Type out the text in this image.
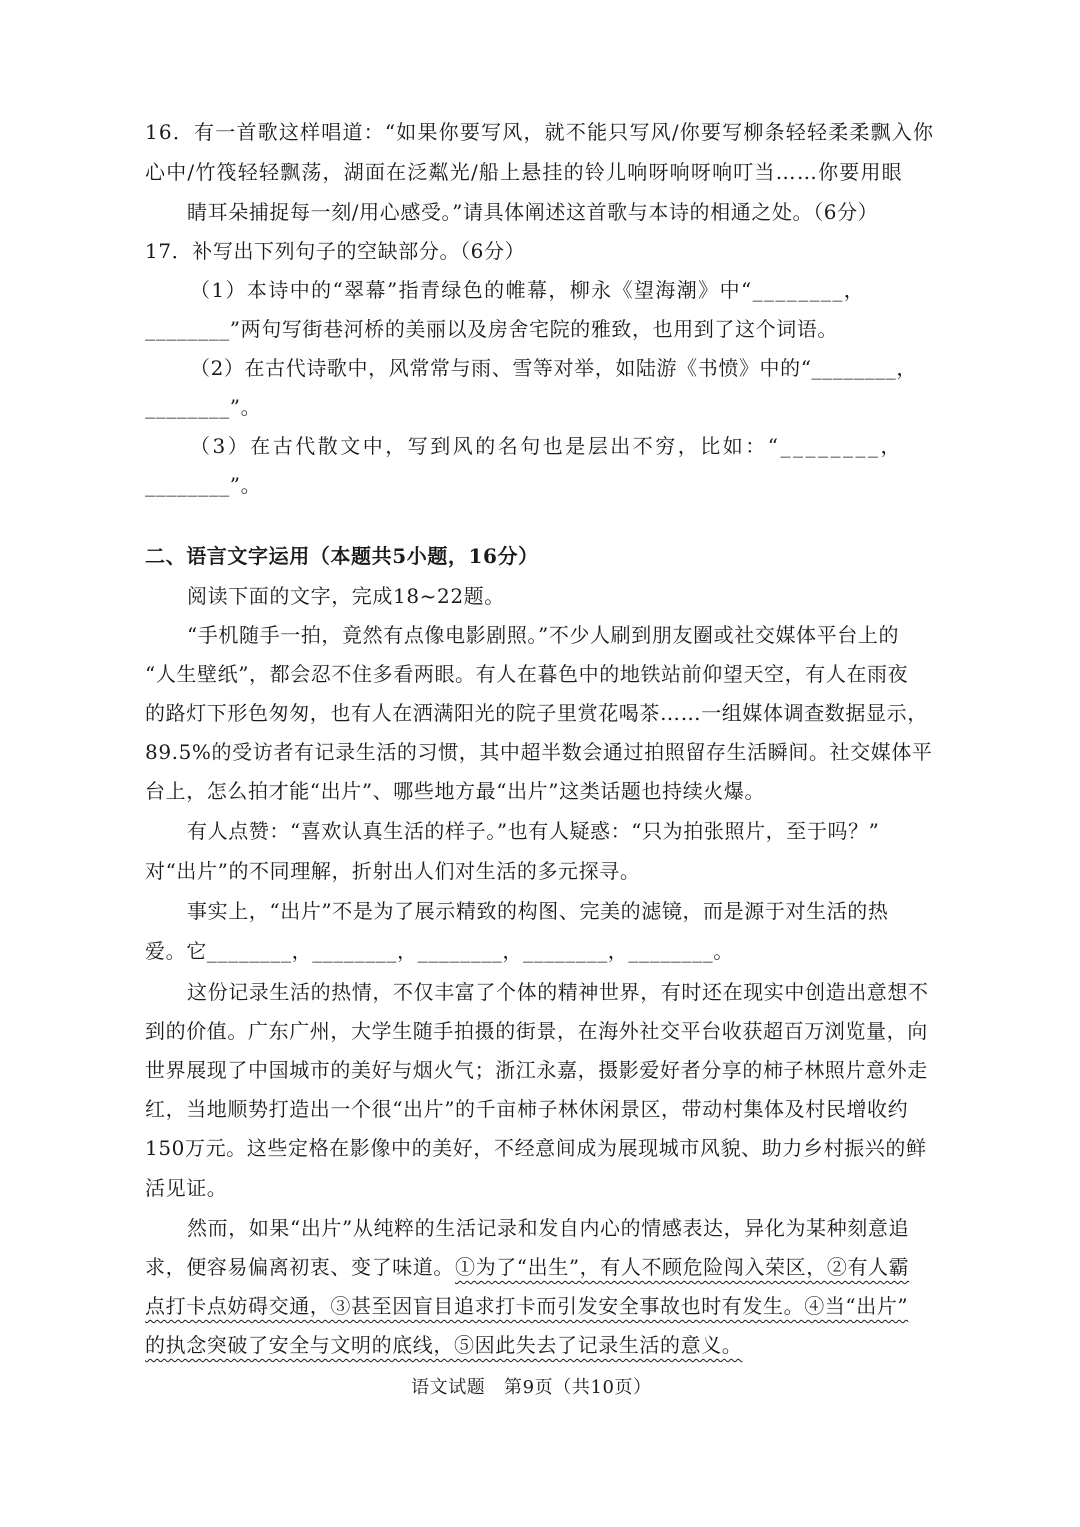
16．有一首歌这样唱道：“如果你要写风，就不能只写风/你要写柳条轻轻柔柔飘入你
心中/竹筏轻轻飘荡，湖面在泛粼光/船上悬挂的铃儿响呀响呀响叮当……你要用眼
睛耳朵捕捉每一刻/用心感受。”请具体阐述这首歌与本诗的相通之处。（6分）
17．补写出下列句子的空缺部分。（6分）
（1）本诗中的“翠幕”指青绿色的帷幕，柳永《望海潮》中“________，
________”两句写街巷河桥的美丽以及房舍宅院的雅致，也用到了这个词语。
（2）在古代诗歌中，风常常与雨、雪等对举，如陆游《书愤》中的“________，
________”。
（3）在古代散文中，写到风的名句也是层出不穷，比如：“________，
________”。
二、语言文字运用（本题共5小题，16分）
阅读下面的文字，完成18~22题。
“手机随手一拍，竟然有点像电影剧照。”不少人刷到朋友圈或社交媒体平台上的
“人生壁纸”，都会忍不住多看两眼。有人在暮色中的地铁站前仰望天空，有人在雨夜
的路灯下形色匆匆，也有人在洒满阳光的院子里赏花喝茶……一组媒体调查数据显示，
89.5%的受访者有记录生活的习惯，其中超半数会通过拍照留存生活瞬间。社交媒体平
台上，怎么拍才能“出片”、哪些地方最“出片”这类话题也持续火爆。
有人点赞：“喜欢认真生活的样子。”也有人疑惑：“只为拍张照片，至于吗？”
对“出片”的不同理解，折射出人们对生活的多元探寻。
事实上，“出片”不是为了展示精致的构图、完美的滤镜，而是源于对生活的热
爱。它________，________，________，________，________。
这份记录生活的热情，不仅丰富了个体的精神世界，有时还在现实中创造出意想不
到的价值。广东广州，大学生随手拍摄的街景，在海外社交平台收获超百万浏览量，向
世界展现了中国城市的美好与烟火气；浙江永嘉，摄影爱好者分享的柿子林照片意外走
红，当地顺势打造出一个很“出片”的千亩柿子林休闲景区，带动村集体及村民增收约
150万元。这些定格在影像中的美好，不经意间成为展现城市风貌、助力乡村振兴的鲜
活见证。
然而，如果“出片”从纯粹的生活记录和发自内心的情感表达，异化为某种刻意追
求，便容易偏离初衷、变了味道。 ①为了“出生”，有人不顾危险闯入荣区，②有人霸
点打卡点妨碍交通，③甚至因盲目追求打卡而引发安全事故也时有发生。④当“出片”
的执念突破了安全与文明的底线，⑤因此失去了记录生活的意义。
语文试题　第9页（共10页）
